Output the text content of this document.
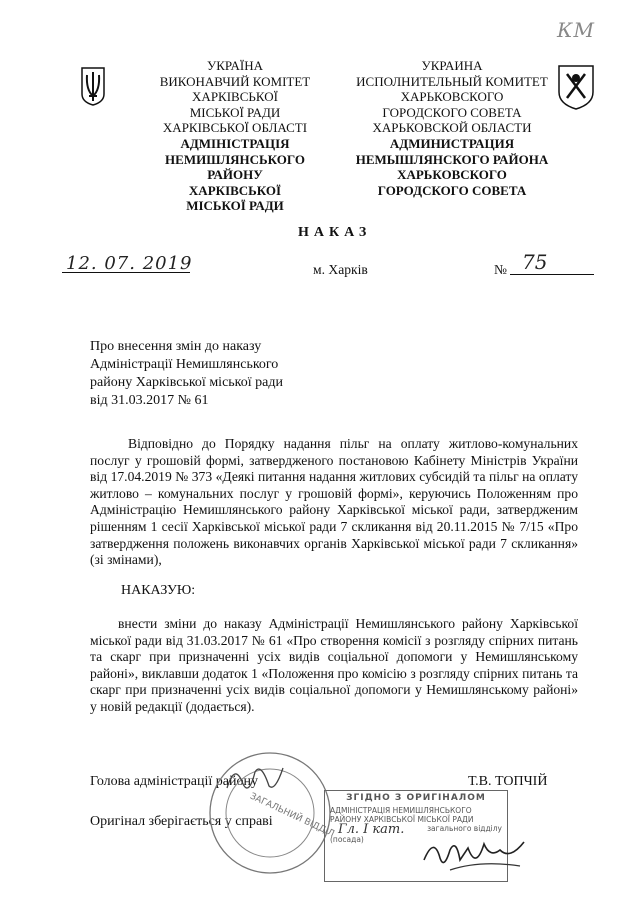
КМ
УКРАЇНА
ВИКОНАВЧИЙ КОМІТЕТ
ХАРКІВСЬКОЇ
МІСЬКОЇ РАДИ
ХАРКІВСЬКОЇ ОБЛАСТІ
АДМІНІСТРАЦІЯ
НЕМИШЛЯНСЬКОГО РАЙОНУ
ХАРКІВСЬКОЇ
МІСЬКОЇ РАДИ
УКРАИНА
ИСПОЛНИТЕЛЬНЫЙ КОМИТЕТ
ХАРЬКОВСКОГО
ГОРОДСКОГО СОВЕТА
ХАРЬКОВСКОЙ ОБЛАСТИ
АДМИНИСТРАЦИЯ
НЕМЫШЛЯНСКОГО РАЙОНА
ХАРЬКОВСКОГО
ГОРОДСКОГО СОВЕТА
НАКАЗ
12. 07. 2019	м. Харків	№ 75
Про внесення змін до наказу
Адміністрації Немишлянського
району Харківської міської ради
від 31.03.2017 № 61
Відповідно до Порядку надання пільг на оплату житлово-комунальних послуг у грошовій формі, затвердженого постановою Кабінету Міністрів України від 17.04.2019 № 373 «Деякі питання надання житлових субсидій та пільг на оплату житлово – комунальних послуг у грошовій формі», керуючись Положенням про Адміністрацію Немишлянського району Харківської міської ради, затвердженим рішенням 1 сесії Харківської міської ради 7 скликання від 20.11.2015 № 7/15 «Про затвердження положень виконавчих органів Харківської міської ради 7 скликання» (зі змінами),
НАКАЗУЮ:
внести зміни до наказу Адміністрації Немишлянського району Харківської міської ради від 31.03.2017 № 61 «Про створення комісії з розгляду спірних питань та скарг при призначенні усіх видів соціальної допомоги у Немишлянському районі», виклавши додаток 1 «Положення про комісію з розгляду спірних питань та скарг при призначенні усіх видів соціальної допомоги у Немишлянському районі» у новій редакції (додається).
Голова адміністрації району	Т.В. ТОПЧІЙ
Оригінал зберігається у справі
ЗАГАЛЬНИЙ ВІДДІЛ	ЗГІДНО З ОРИГІНАЛОМ
АДМІНІСТРАЦІЯ НЕМИШЛЯНСЬКОГО РАЙОНУ ХАРКІВСЬКОЇ МІСЬКОЇ РАДИ
загального відділу
(посада)
Гл. І кат.
